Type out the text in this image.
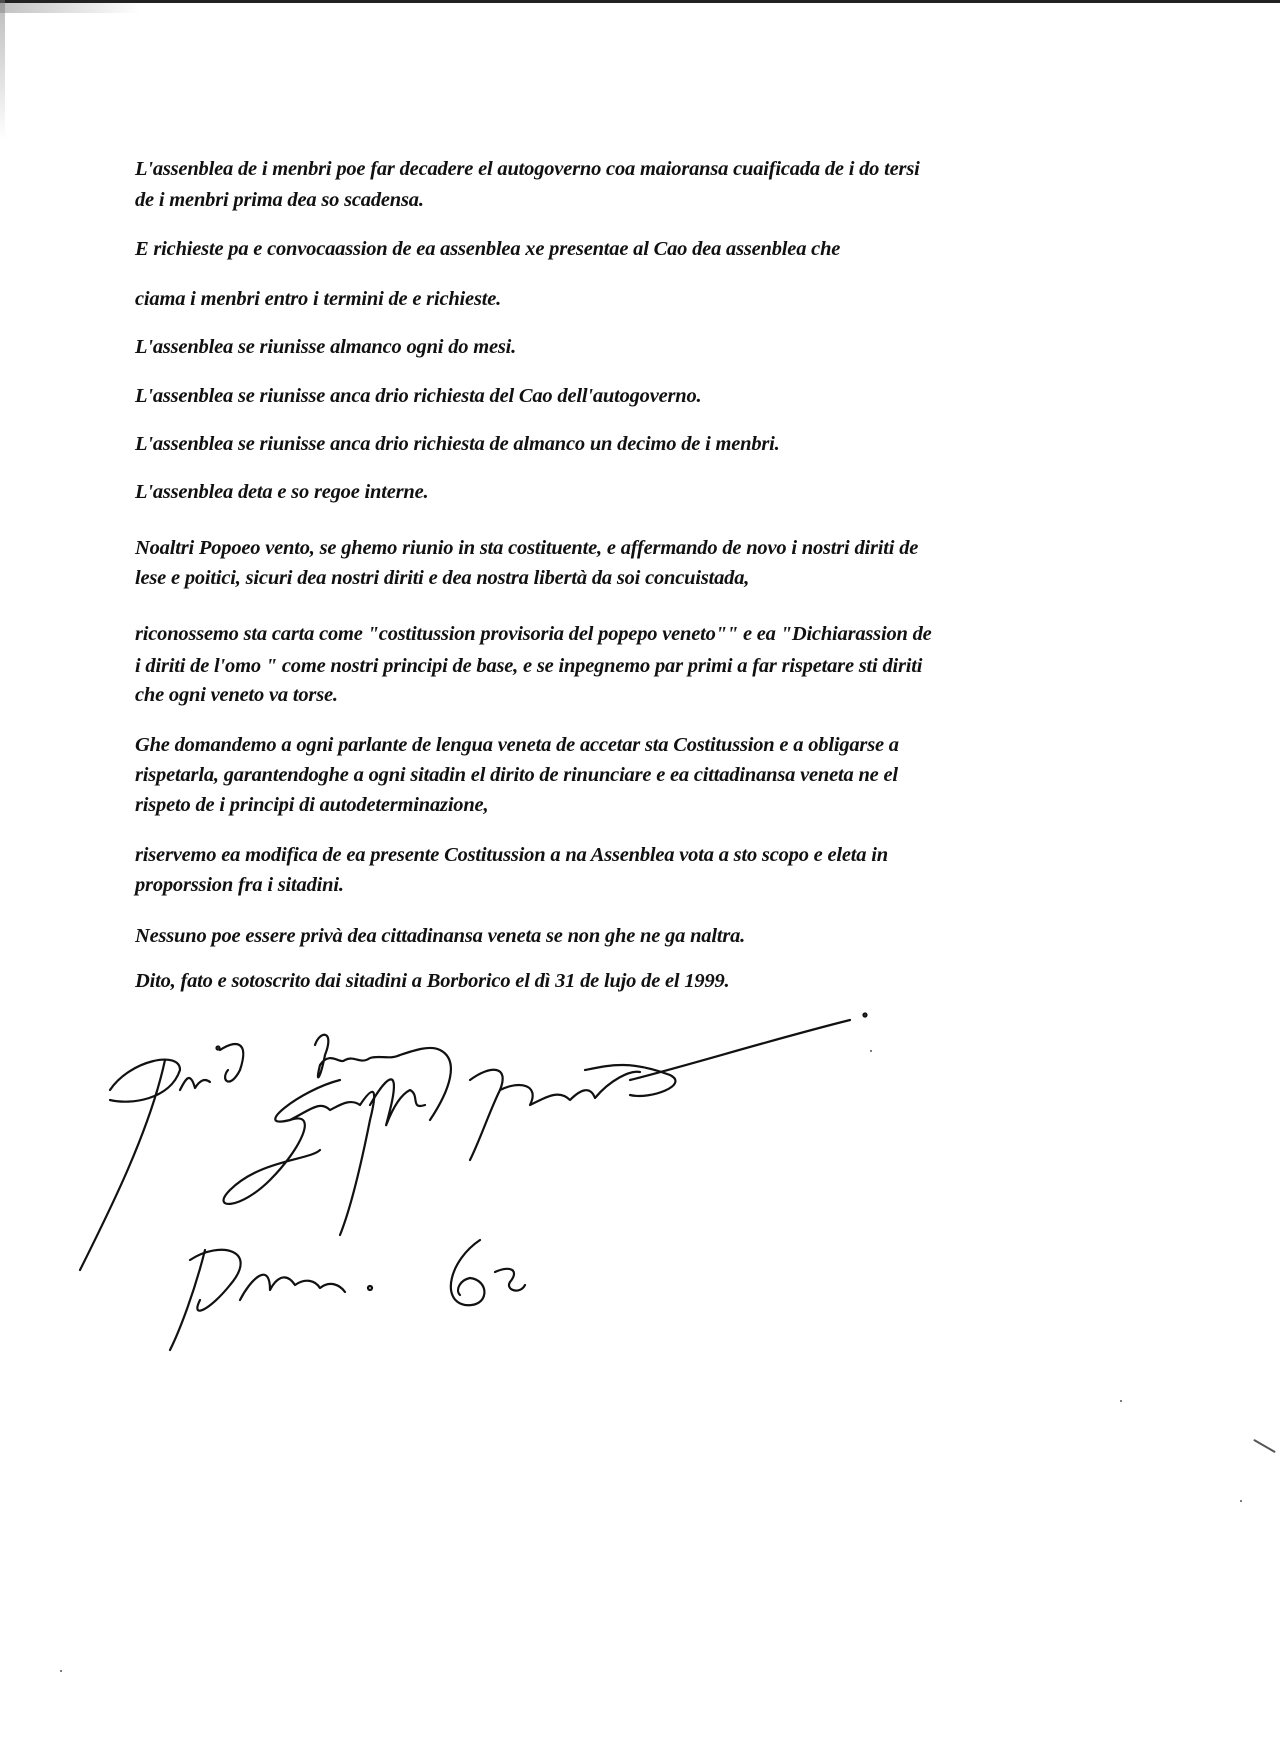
L'assenblea de i menbri poe far decadere el autogoverno coa maioransa cuaificada de i do tersi
de i menbri prima dea so scadensa.
E richieste pa e convocaassion de ea assenblea xe presentae al Cao dea assenblea che
ciama i menbri entro i termini de e richieste.
L'assenblea se riunisse almanco ogni do mesi.
L'assenblea se riunisse anca drio richiesta del Cao dell'autogoverno.
L'assenblea se riunisse anca drio richiesta de almanco un decimo de i menbri.
L'assenblea deta e so regoe interne.
Noaltri Popoeo vento, se ghemo riunio in sta costituente, e affermando de novo i nostri diriti de
lese e poitici, sicuri dea nostri diriti e dea nostra libertà da soi concuistada,
riconossemo sta carta come "costitussion provisoria del popepo veneto"" e ea "Dichiarassion de
i diriti de l'omo " come nostri principi de base, e se inpegnemo par primi a far rispetare sti diriti
che ogni veneto va torse.
Ghe domandemo a ogni parlante de lengua veneta de accetar sta Costitussion e a obligarse a
rispetarla, garantendoghe a ogni sitadin el dirito de rinunciare e ea cittadinansa veneta ne el
rispeto de i principi di autodeterminazione,
riservemo ea modifica de ea presente Costitussion a na Assenblea vota a sto scopo e eleta in
proporssion fra i sitadini.
Nessuno poe essere privà dea cittadinansa veneta se non ghe ne ga naltra.
Dito, fato e sotoscrito dai sitadini a Borborico el dì 31 de lujo de el 1999.
